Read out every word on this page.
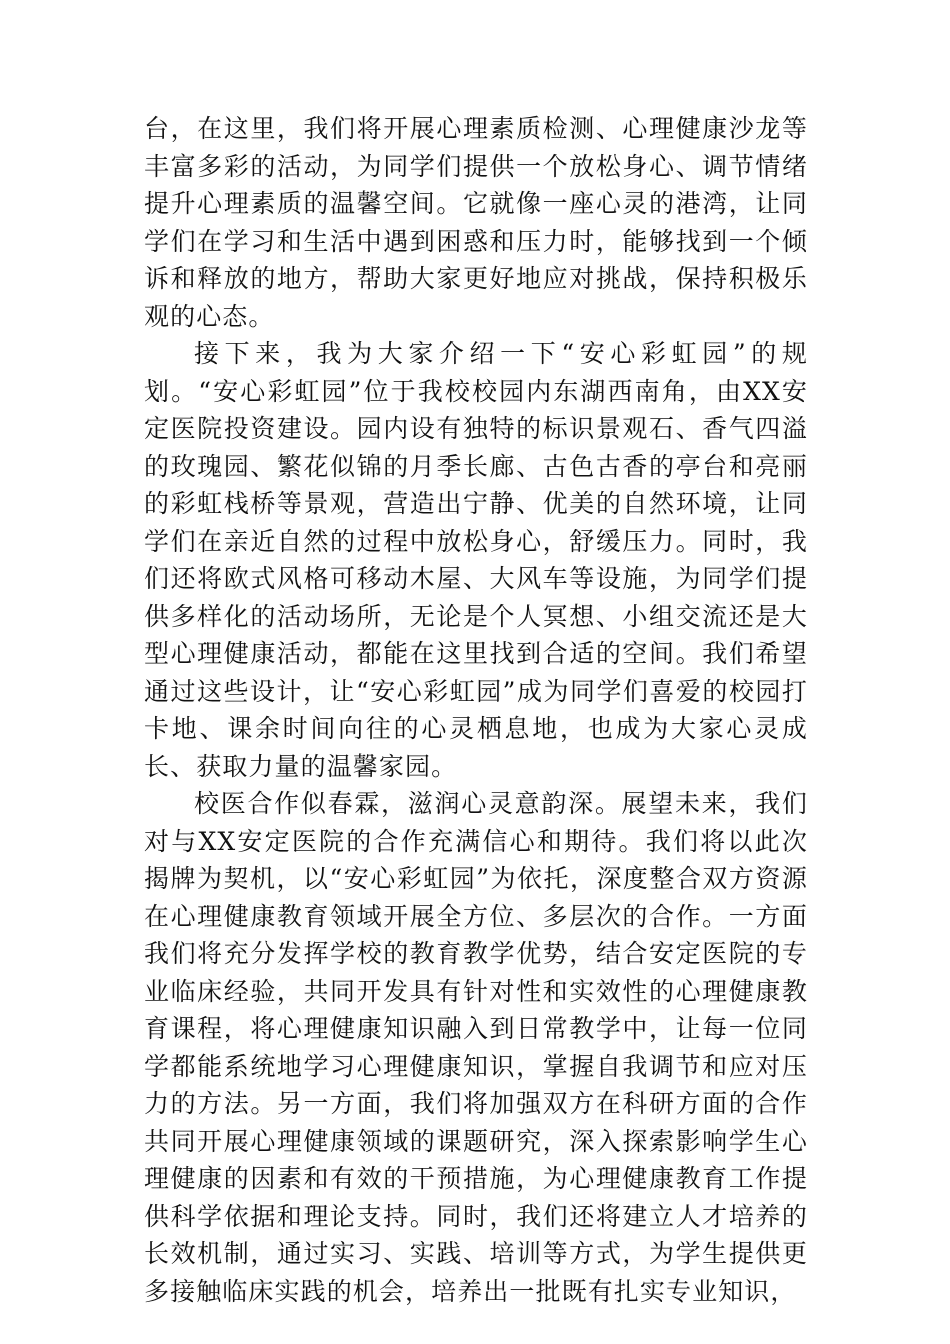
台，在这里，我们将开展心理素质检测、心理健康沙龙等丰富多彩的活动，为同学们提供一个放松身心、调节情绪提升心理素质的温馨空间。它就像一座心灵的港湾，让同学们在学习和生活中遇到困惑和压力时，能够找到一个倾诉和释放的地方，帮助大家更好地应对挑战，保持积极乐观的心态。

接下来，我为大家介绍一下“安心彩虹园”的规划。“安心彩虹园”位于我校校园内东湖西南角，由XX安定医院投资建设。园内设有独特的标识景观石、香气四溢的玫瑰园、繁花似锦的月季长廊、古色古香的亭台和亮丽的彩虹栈桥等景观，营造出宁静、优美的自然环境，让同学们在亲近自然的过程中放松身心，舒缓压力。同时，我们还将欧式风格可移动木屋、大风车等设施，为同学们提供多样化的活动场所，无论是个人冥想、小组交流还是大型心理健康活动，都能在这里找到合适的空间。我们希望通过这些设计，让“安心彩虹园”成为同学们喜爱的校园打卡地、课余时间向往的心灵栖息地，也成为大家心灵成长、获取力量的温馨家园。

校医合作似春霖，滋润心灵意韵深。展望未来，我们对与XX安定医院的合作充满信心和期待。我们将以此次揭牌为契机，以“安心彩虹园”为依托，深度整合双方资源在心理健康教育领域开展全方位、多层次的合作。一方面我们将充分发挥学校的教育教学优势，结合安定医院的专业临床经验，共同开发具有针对性和实效性的心理健康教育课程，将心理健康知识融入到日常教学中，让每一位同学都能系统地学习心理健康知识，掌握自我调节和应对压力的方法。另一方面，我们将加强双方在科研方面的合作共同开展心理健康领域的课题研究，深入探索影响学生心理健康的因素和有效的干预措施，为心理健康教育工作提供科学依据和理论支持。同时，我们还将建立人才培养的长效机制，通过实习、实践、培训等方式，为学生提供更多接触临床实践的机会，培养出一批既有扎实专业知识，
